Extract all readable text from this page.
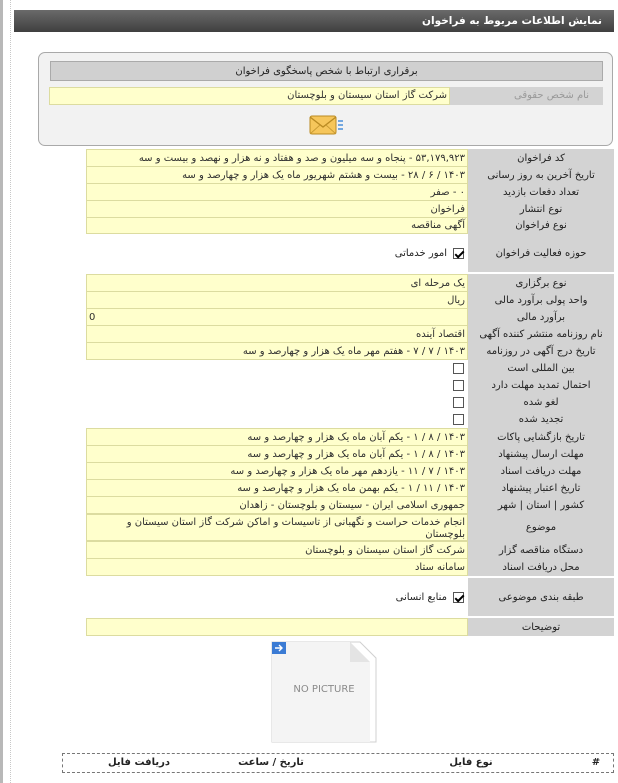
نمایش اطلاعات مربوط به فراخوان
برقراری ارتباط با شخص پاسخگوی فراخوان
نام شخص حقوقی
شرکت گاز استان سیستان و بلوچستان
کد فراخوان
۵۳,۱۷۹,۹۲۳ - پنجاه و سه میلیون و صد و هفتاد و نه هزار و نهصد و بیست و سه
تاریخ آخرین به روز رسانی
۱۴۰۳ / ۶ / ۲۸ - بیست و هشتم شهریور ماه یک هزار و چهارصد و سه
تعداد دفعات بازدید
۰ - صفر
نوع انتشار
فراخوان
نوع فراخوان
آگهی مناقصه
حوزه فعالیت فراخوان
امور خدماتی
نوع برگزاری
یک مرحله ای
واحد پولی برآورد مالی
ریال
برآورد مالی
0
نام روزنامه منتشر کننده آگهی
اقتصاد آینده
تاریخ درج آگهی در روزنامه
۱۴۰۳ / ۷ / ۷ - هفتم مهر ماه یک هزار و چهارصد و سه
بین المللی است
احتمال تمدید مهلت دارد
لغو شده
تجدید شده
تاریخ بازگشایی پاکات
۱۴۰۳ / ۸ / ۱ - یکم آبان ماه یک هزار و چهارصد و سه
مهلت ارسال پیشنهاد
۱۴۰۳ / ۸ / ۱ - یکم آبان ماه یک هزار و چهارصد و سه
مهلت دریافت اسناد
۱۴۰۳ / ۷ / ۱۱ - یازدهم مهر ماه یک هزار و چهارصد و سه
تاریخ اعتبار پیشنهاد
۱۴۰۳ / ۱۱ / ۱ - یکم بهمن ماه یک هزار و چهارصد و سه
کشور | استان | شهر
جمهوری اسلامی ایران - سیستان و بلوچستان - زاهدان
موضوع
انجام خدمات حراست و نگهبانی از تاسیسات و اماکن شرکت گاز استان سیستان و بلوچستان
دستگاه مناقصه گزار
شرکت گاز استان سیستان و بلوچستان
محل دریافت اسناد
سامانه ستاد
طبقه بندی موضوعی
منابع انسانی
توضیحات
NO PICTURE
#
نوع فایل
تاریخ / ساعت
دریافت فایل
